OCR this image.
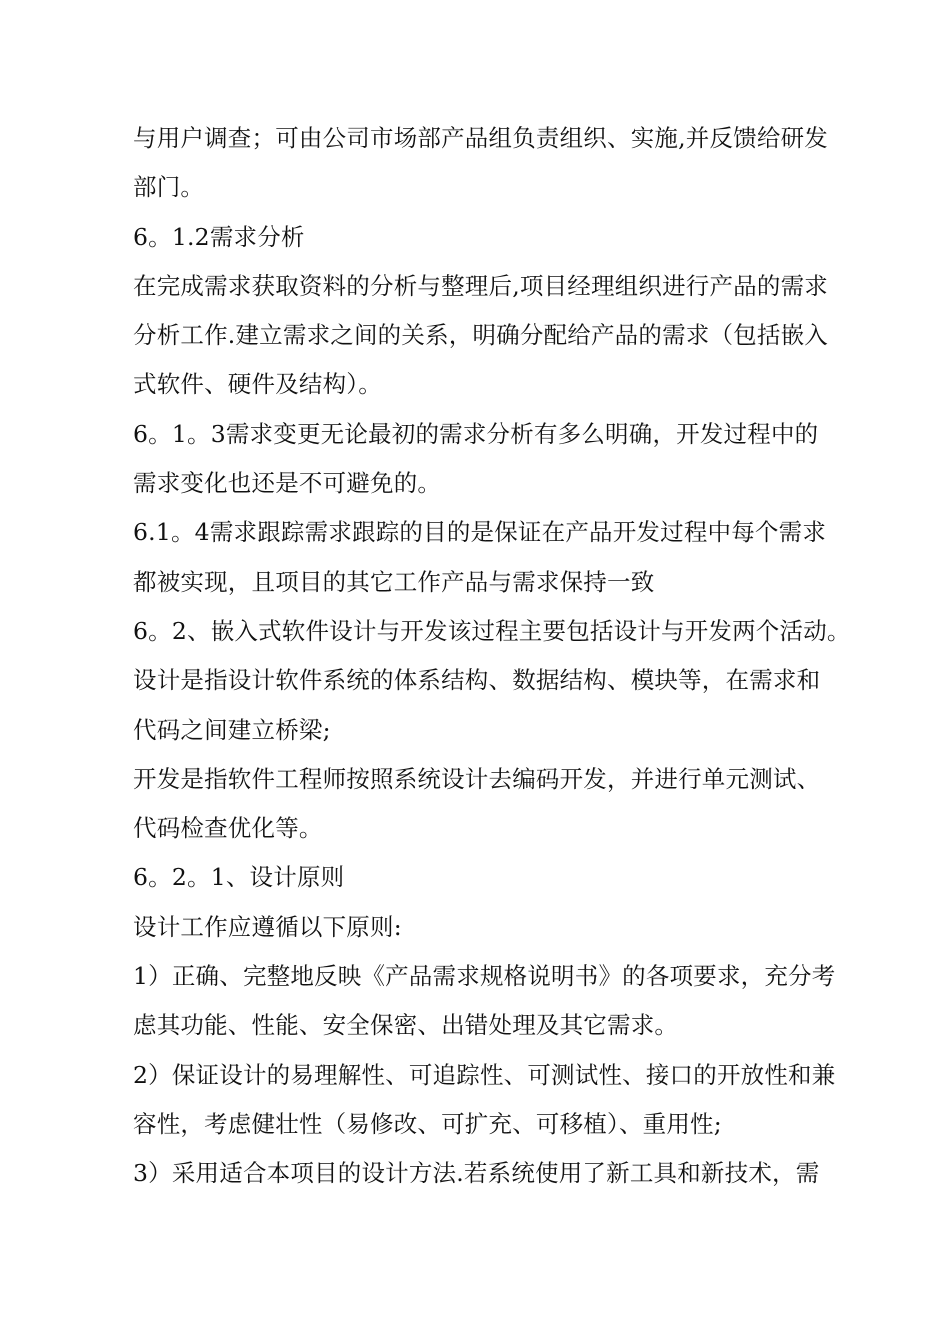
与用户调查；可由公司市场部产品组负责组织、实施,并反馈给研发
部门。
6。1.2需求分析
在完成需求获取资料的分析与整理后,项目经理组织进行产品的需求
分析工作.建立需求之间的关系，明确分配给产品的需求（包括嵌入
式软件、硬件及结构）。
6。1。3需求变更无论最初的需求分析有多么明确，开发过程中的
需求变化也还是不可避免的。
6.1。4需求跟踪需求跟踪的目的是保证在产品开发过程中每个需求
都被实现，且项目的其它工作产品与需求保持一致
6。2、嵌入式软件设计与开发该过程主要包括设计与开发两个活动。
设计是指设计软件系统的体系结构、数据结构、模块等，在需求和
代码之间建立桥梁;
开发是指软件工程师按照系统设计去编码开发，并进行单元测试、
代码检查优化等。
6。2。1、设计原则
设计工作应遵循以下原则:
1）正确、完整地反映《产品需求规格说明书》的各项要求，充分考
虑其功能、性能、安全保密、出错处理及其它需求。
2）保证设计的易理解性、可追踪性、可测试性、接口的开放性和兼
容性，考虑健壮性（易修改、可扩充、可移植）、重用性;
3）采用适合本项目的设计方法.若系统使用了新工具和新技术，需
